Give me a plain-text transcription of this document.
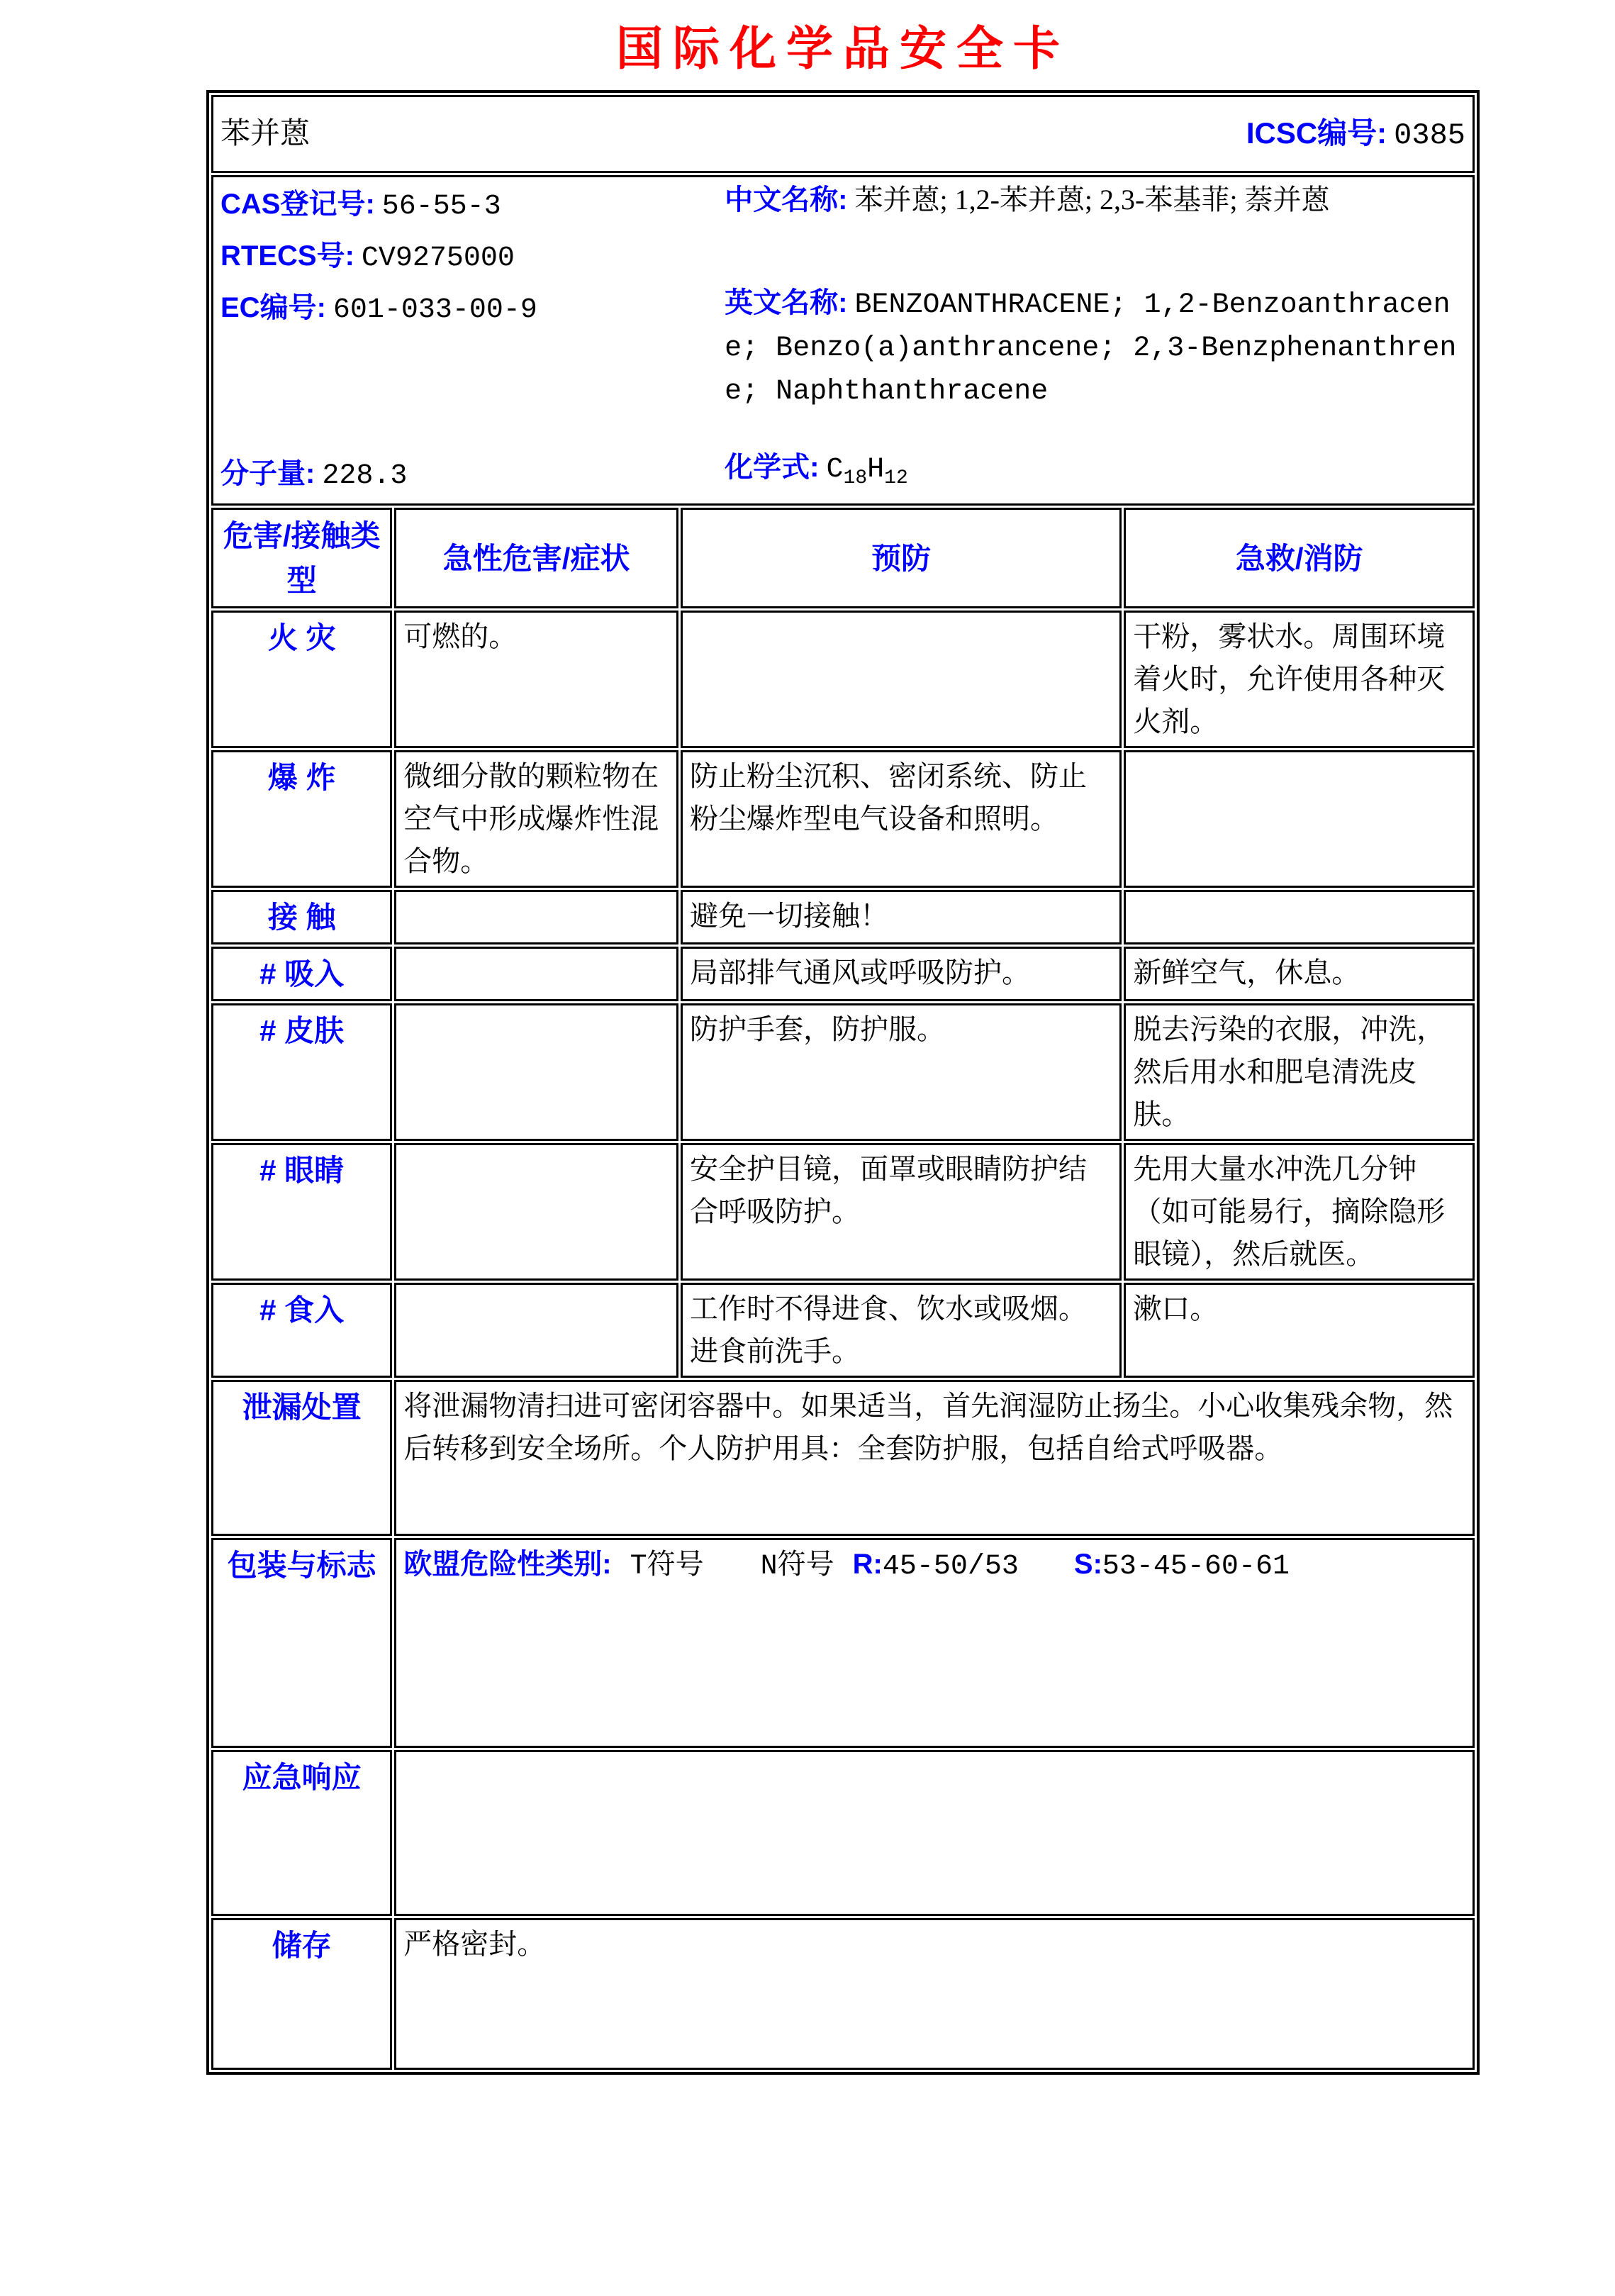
国际化学品安全卡
苯并蒽 ICSC编号: 0385			

CAS登记号: 56-55-3
RTECS号: CV9275000
EC编号: 601-033-00-9
分子量: 228.3

中文名称: 苯并蒽; 1,2-苯并蒽; 2,3-苯基菲; 萘并蒽

英文名称: BENZOANTHRACENE; 1,2-Benzoanthracene; Benzo(a)anthrancene; 2,3-Benzphenanthrene; Naphthanthracene

化学式: $C_{18}H_{12}$

危害/接触类型	急性危害/症状	预防	急救/消防
火 灾	可燃的。		干粉，雾状水。周围环境着火时，允许使用各种灭火剂。
爆 炸	微细分散的颗粒物在空气中形成爆炸性混合物。	防止粉尘沉积、密闭系统、防止粉尘爆炸型电气设备和照明。	
接 触		避免一切接触！	
# 吸入		局部排气通风或呼吸防护。	新鲜空气，休息。
# 皮肤		防护手套，防护服。	脱去污染的衣服，冲洗，然后用水和肥皂清洗皮肤。
# 眼睛		安全护目镜，面罩或眼睛防护结合呼吸防护。	先用大量水冲洗几分钟（如可能易行，摘除隐形眼镜），然后就医。
# 食入		工作时不得进食、饮水或吸烟。进食前洗手。	漱口。
泄漏处置	将泄漏物清扫进可密闭容器中。如果适当，首先润湿防止扬尘。小心收集残余物，然后转移到安全场所。个人防护用具：全套防护服，包括自给式呼吸器。		
包装与标志	欧盟危险性类别: T符号 N符号 R:45-50/53 S:53-45-60-61		

应急响应			
储存	严格密封。		
